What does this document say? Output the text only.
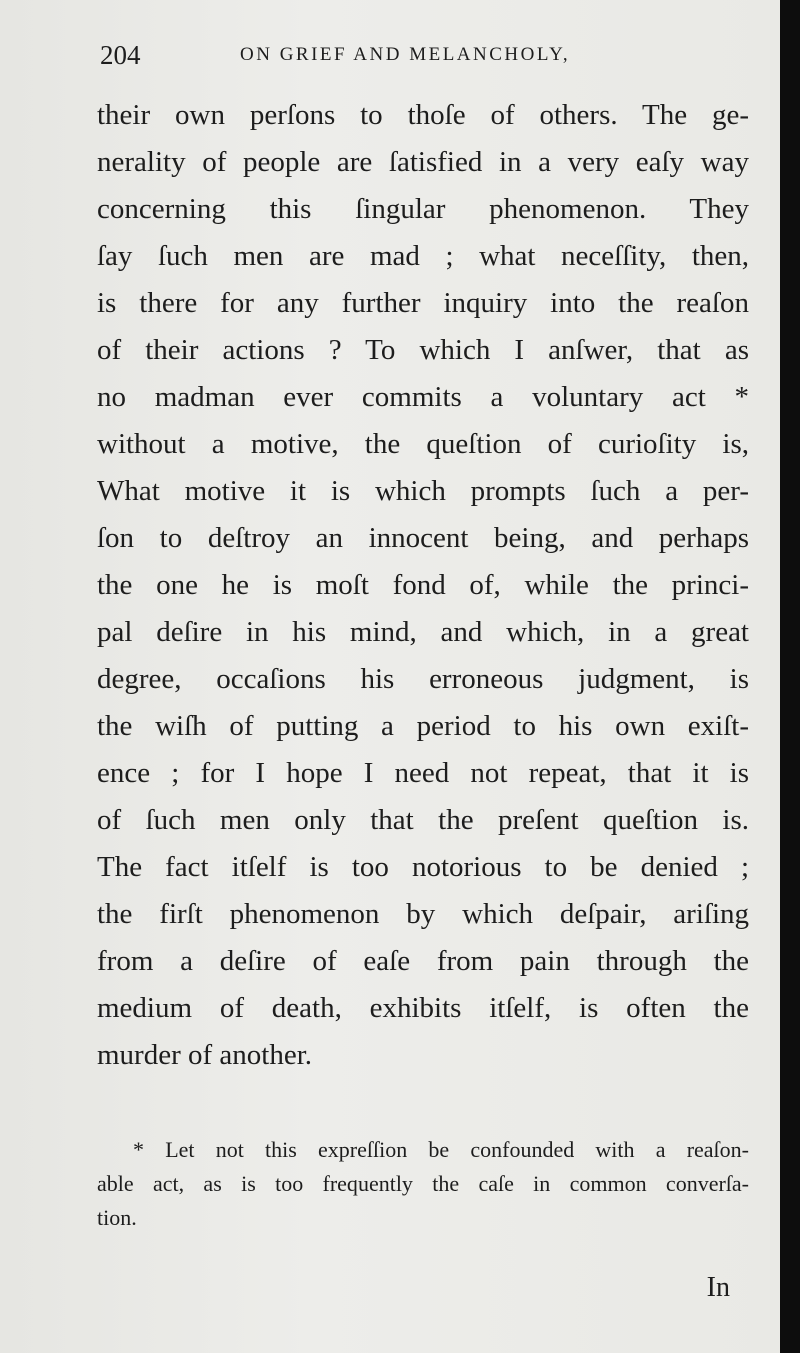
204	ON GRIEF AND MELANCHOLY,
their own perſons to thoſe of others. The ge-
nerality of people are ſatisfied in a very eaſy way
concerning this ſingular phenomenon. They
ſay ſuch men are mad ; what neceſſity, then,
is there for any further inquiry into the reaſon
of their actions ? To which I anſwer, that as
no madman ever commits a voluntary act *
without a motive, the queſtion of curioſity is,
What motive it is which prompts ſuch a per-
ſon to deſtroy an innocent being, and perhaps
the one he is moſt fond of, while the princi-
pal deſire in his mind, and which, in a great
degree, occaſions his erroneous judgment, is
the wiſh of putting a period to his own exiſt-
ence ; for I hope I need not repeat, that it is
of ſuch men only that the preſent queſtion is.
The fact itſelf is too notorious to be denied ;
the firſt phenomenon by which deſpair, ariſing
from a deſire of eaſe from pain through the
medium of death, exhibits itſelf, is often the
murder of another.
* Let not this expreſſion be confounded with a reaſon-
able act, as is too frequently the caſe in common converſa-
tion.
In
